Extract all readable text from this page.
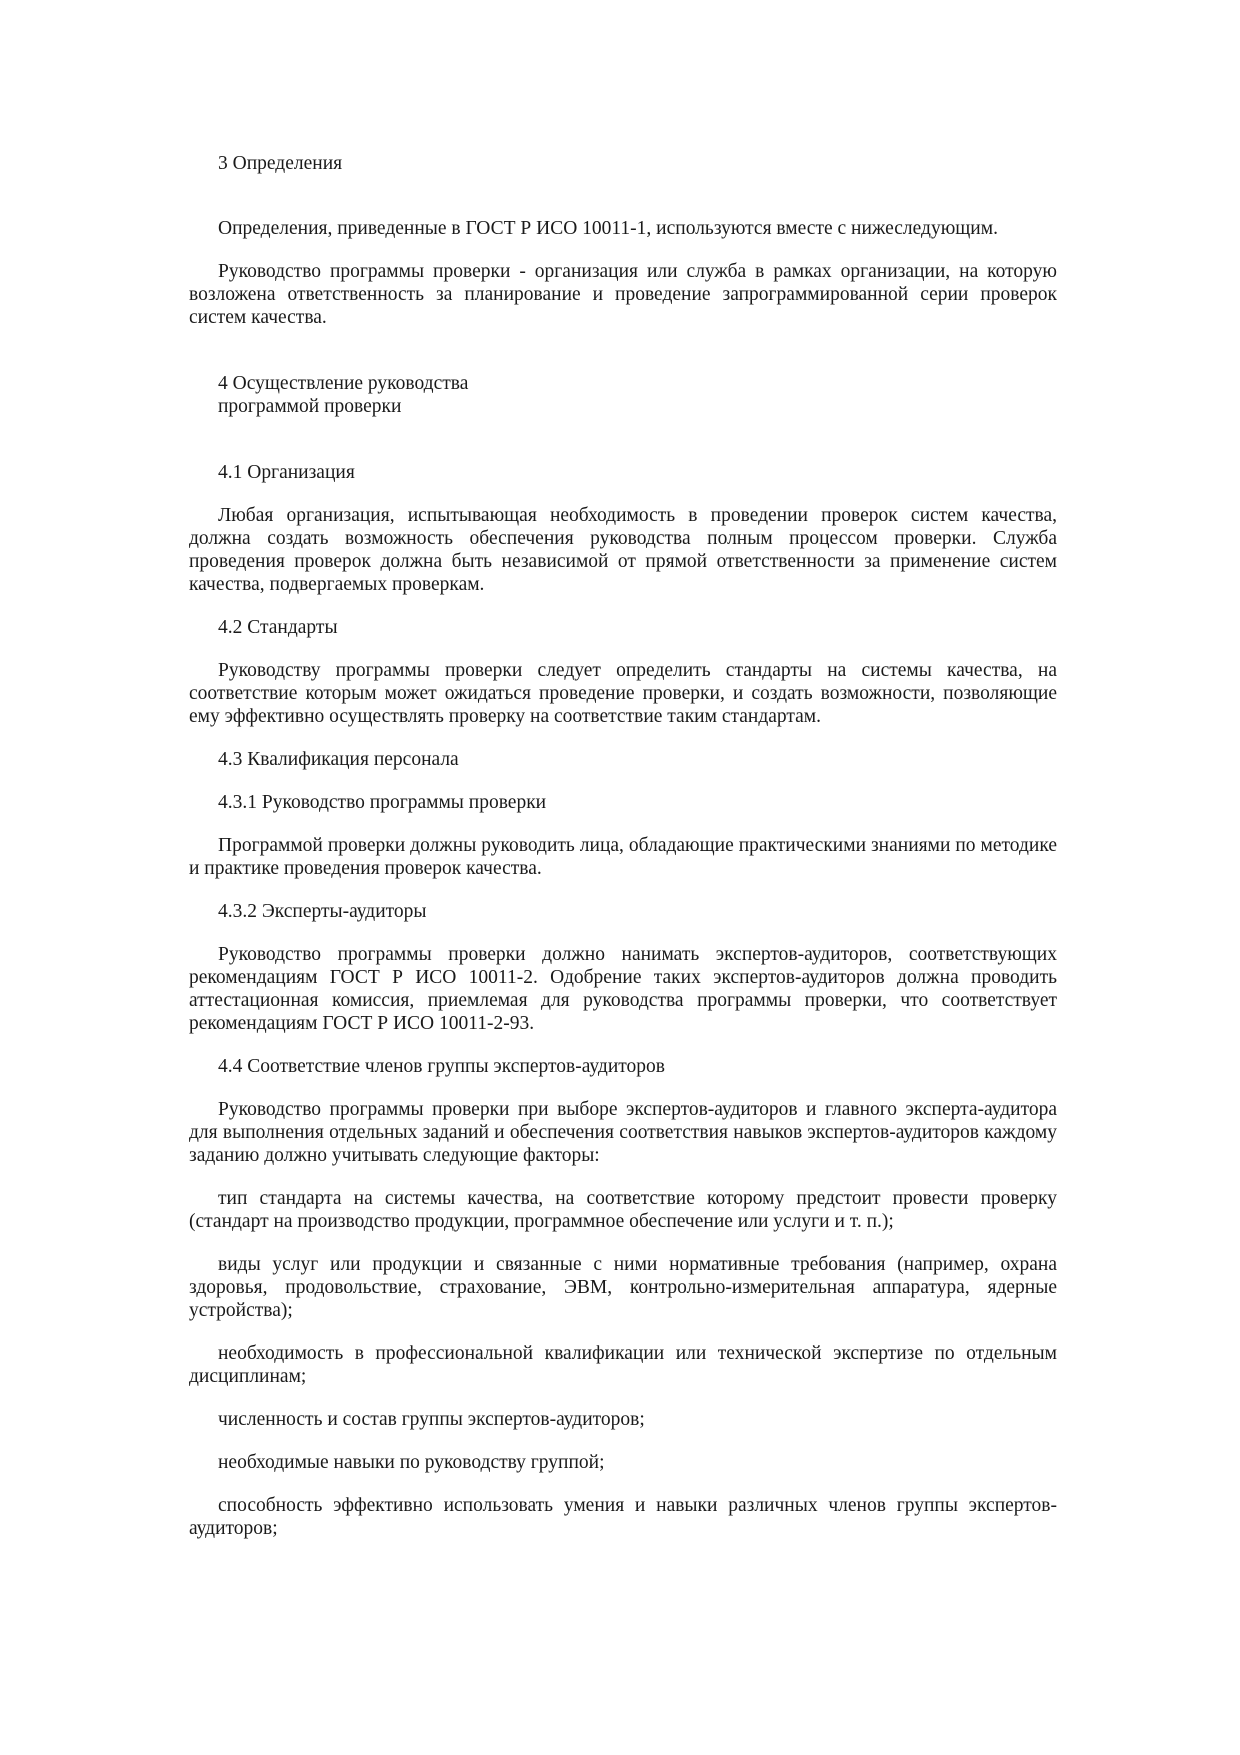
3 Определения

Определения, приведенные в ГОСТ Р ИСО 10011-1, используются вместе с нижеследующим.

Руководство программы проверки - организация или служба в рамках организации, на которую возложена ответственность за планирование и проведение запрограммированной серии проверок систем качества.

4 Осуществление руководства
программой проверки

4.1 Организация

Любая организация, испытывающая необходимость в проведении проверок систем качества, должна создать возможность обеспечения руководства полным процессом проверки. Служба проведения проверок должна быть независимой от прямой ответственности за применение систем качества, подвергаемых проверкам.

4.2 Стандарты

Руководству программы проверки следует определить стандарты на системы качества, на соответствие которым может ожидаться проведение проверки, и создать возможности, позволяющие ему эффективно осуществлять проверку на соответствие таким стандартам.

4.3 Квалификация персонала

4.3.1 Руководство программы проверки

Программой проверки должны руководить лица, обладающие практическими знаниями по методике и практике проведения проверок качества.

4.3.2 Эксперты-аудиторы

Руководство программы проверки должно нанимать экспертов-аудиторов, соответствующих рекомендациям ГОСТ Р ИСО 10011-2. Одобрение таких экспертов-аудиторов должна проводить аттестационная комиссия, приемлемая для руководства программы проверки, что соответствует рекомендациям ГОСТ Р ИСО 10011-2-93.

4.4 Соответствие членов группы экспертов-аудиторов

Руководство программы проверки при выборе экспертов-аудиторов и главного эксперта-аудитора для выполнения отдельных заданий и обеспечения соответствия навыков экспертов-аудиторов каждому заданию должно учитывать следующие факторы:

тип стандарта на системы качества, на соответствие которому предстоит провести проверку (стандарт на производство продукции, программное обеспечение или услуги и т. п.);

виды услуг или продукции и связанные с ними нормативные требования (например, охрана здоровья, продовольствие, страхование, ЭВМ, контрольно-измерительная аппаратура, ядерные устройства);

необходимость в профессиональной квалификации или технической экспертизе по отдельным дисциплинам;

численность и состав группы экспертов-аудиторов;

необходимые навыки по руководству группой;

способность эффективно использовать умения и навыки различных членов группы экспертов-аудиторов;
